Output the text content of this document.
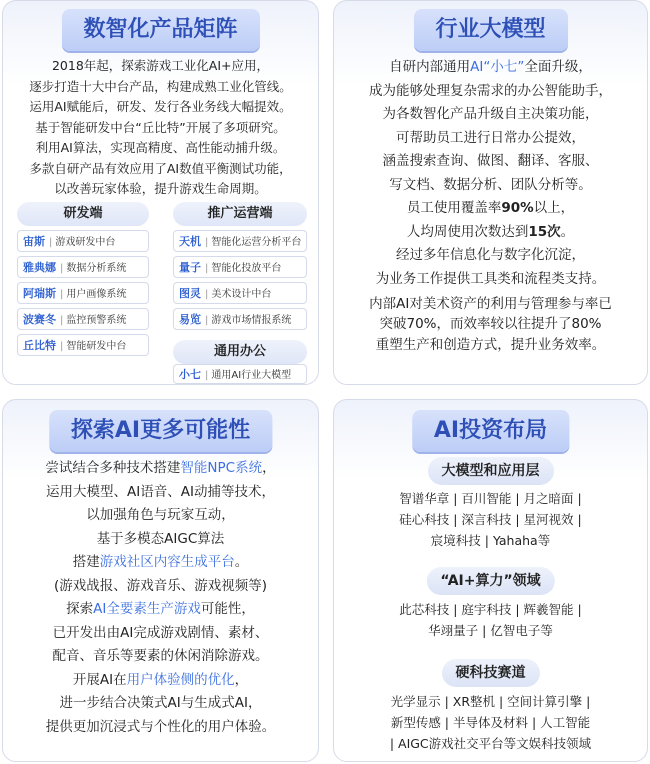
数智化产品矩阵
2018年起，探索游戏工业化AI+应用，
逐步打造十大中台产品，构建成熟工业化管线。
运用AI赋能后，研发、发行各业务线大幅提效。
基于智能研发中台“丘比特”开展了多项研究。
利用AI算法，实现高精度、高性能动捕升级。
多款自研产品有效应用了AI数值平衡测试功能，
以改善玩家体验，提升游戏生命周期。
研发端
宙斯 | 游戏研发中台
雅典娜 | 数据分析系统
阿瑞斯 | 用户画像系统
波赛冬 | 监控预警系统
丘比特 | 智能研发中台
推广运营端
天机 | 智能化运营分析平台
量子 | 智能化投放平台
图灵 | 美术设计中台
易览 | 游戏市场情报系统
通用办公
小七 | 通用AI行业大模型
行业大模型
自研内部通用AI“小七”全面升级，
成为能够处理复杂需求的办公智能助手，
为各数智化产品升级自主决策功能，
可帮助员工进行日常办公提效，
涵盖搜索查询、做图、翻译、客服、
写文档、数据分析、团队分析等。
员工使用覆盖率90%以上，
人均周使用次数达到15次。
经过多年信息化与数字化沉淀，
为业务工作提供工具类和流程类支持。
内部AI对美术资产的利用与管理参与率已
突破70%，而效率较以往提升了80%
重塑生产和创造方式，提升业务效率。
探索AI更多可能性
尝试结合多种技术搭建智能NPC系统，
运用大模型、AI语音、AI动捕等技术，
以加强角色与玩家互动，
基于多模态AIGC算法
搭建游戏社区内容生成平台。
(游戏战报、游戏音乐、游戏视频等)
探索AI全要素生产游戏可能性，
已开发出由AI完成游戏剧情、素材、
配音、音乐等要素的休闲消除游戏。
开展AI在用户体验侧的优化，
进一步结合决策式AI与生成式AI，
提供更加沉浸式与个性化的用户体验。
AI投资布局
大模型和应用层
智谱华章 | 百川智能 | 月之暗面 |
硅心科技 | 深言科技 | 星河视效 |
宸境科技 | Yahaha等
“AI+算力”领域
此芯科技 | 庭宇科技 | 辉羲智能 |
华翊量子 | 亿智电子等
硬科技赛道
光学显示 | XR整机 | 空间计算引擎 |
新型传感 | 半导体及材料 | 人工智能
| AIGC游戏社交平台等文娱科技领域
